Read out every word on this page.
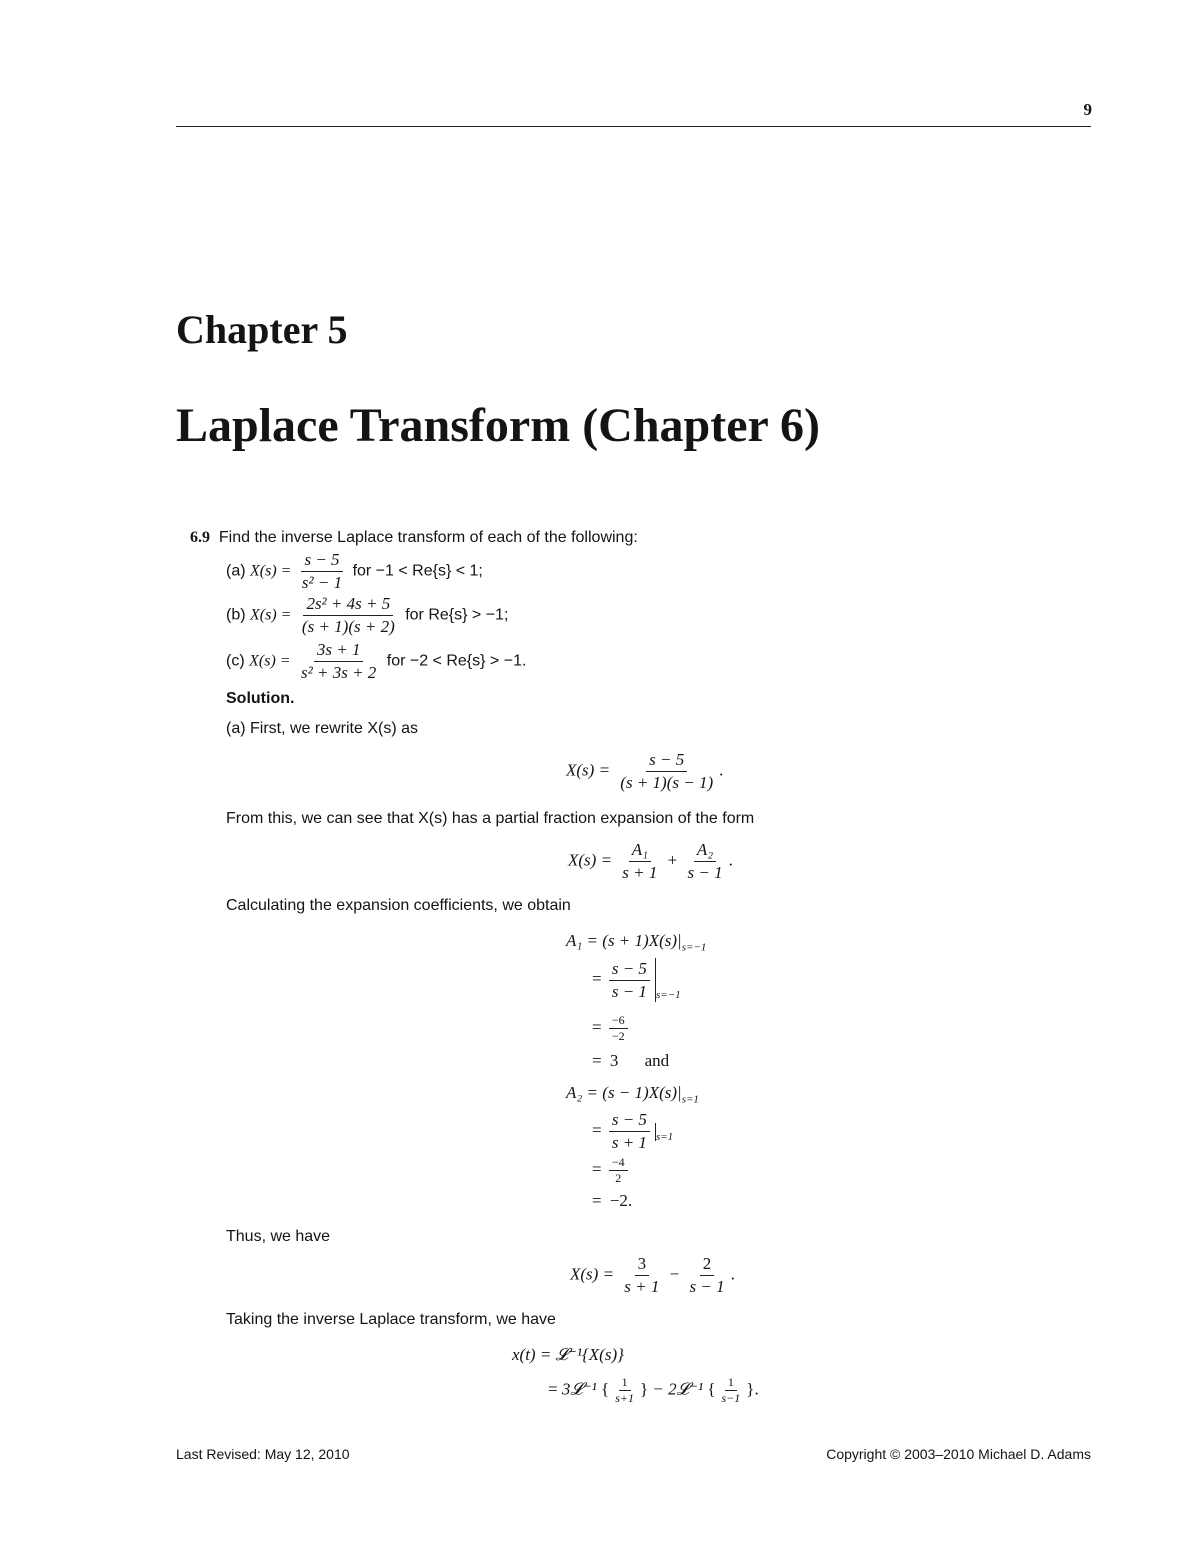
9
Chapter 5
Laplace Transform (Chapter 6)
6.9 Find the inverse Laplace transform of each of the following:
(a) $X(s) = \frac{s - 5}{\text{s² − 1}}$ for −1 < Re{s} < 1;
(b) $X(s) = \frac{\text{2s² + 4s + 5}}{(s + 1)(s + 2)}$ for Re{s} > −1;
(c) $X(s) = \frac{3s + 1}{\text{s² + 3s + 2}}$ for −2 < Re{s} > −1.
Solution.
(a) First, we rewrite X(s) as
$X(s) = \frac{s - 5}{(s + 1)(s - 1)}$ .
From this, we can see that X(s) has a partial fraction expansion of the form
$X(s) = \frac{\text{A₁}}{s + 1} + \frac{\text{A₂}}{s - 1}$ .
Calculating the expansion coefficients, we obtain
$A_1 = (s + 1)X(s)|_{s=-1}$
= $\frac{s - 5}{s - 1} _{s=-1}$
= $\frac{-6}{-2}$
= 3 and
$A_2 = (s - 1)X(s)|_{s=1}$
= $\frac{s - 5}{s + 1} _{s=1}$
= $\frac{-4}{2}$
= −2.
Thus, we have
$X(s) = \frac{3}{s + 1} - \frac{2}{s - 1}$ .
Taking the inverse Laplace transform, we have
x(t) = 𝓛⁻¹{X(s)}
= 3𝓛⁻¹ { $\frac{1}{s+1}$ } − 2𝓛⁻¹ { $\frac{1}{s-1}$ }.
Last Revised: May 12, 2010	Copyright © 2003–2010 Michael D. Adams
